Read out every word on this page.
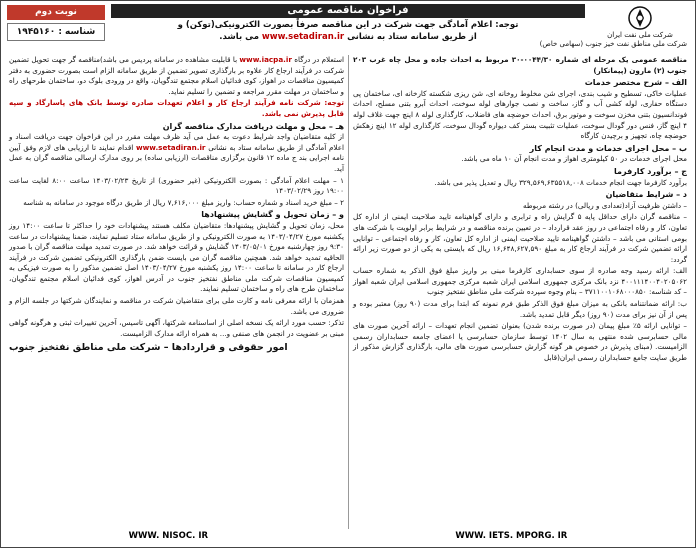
شرکت ملی نفت ایران
شرکت ملی مناطق نفت خیز جنوب (سهامی خاص)
فراخوان مناقصه عمومی
توجه: اعلام آمادگی جهت شرکت در این مناقصه صرفاً بصورت الکترونیکی(توکن) و
از طریق سامانه ستاد به نشانی www.setadiran.ir می باشد.
نوبت دوم
شناسه : ۱۹۴۵۱۶۰
مناقصه عمومی یک مرحله ای شماره ۰۰۴۴/۳۰-۳۰ مربوط به احداث جاده و محل چاه غرب ۲۰۳ جنوب (۲) مارون (پیمانکار)
الف – شرح مختصر خدمات
عملیات خاکی، تسطیح و شیب بندی، اجرای شن مخلوط روخانه ای، شن ریزی شکسته کارخانه ای، ساختمان پی دستگاه حفاری، لوله کشی آب و گاز، ساخت و نصب جوارهای لوله سوخت، احداث آبرو بتنی مسلح، احداث فوندانسیون بتنی مخزن سوخت و موتور برق، احداث حوضچه های فاضلاب، کارگذاری لوله ۸ اینچ جهت غلاف لوله ۴ اینچ گاز، فنس دور گودال سوخت، عملیات تثبیت بستر کف دیواره گودال سوخت، کارگذاری لوله ۱۲ اینچ زهکش حوضچه چاه، تجهیز و برچیدن کارگاه
ب – محل اجرای خدمات و مدت انجام کار
محل اجرای خدمات در ۵۰ کیلومتری اهواز و مدت انجام آن ۱۰ ماه می باشد.
ج – برآورد کارفرما
برآورد کارفرما جهت انجام خدمات ۳۲۹,۵۶۹,۶۳۵۵۱۸,۰۰۸ ریال و تعدیل پذیر می باشد.
د – شرایط متقاضیان
– داشتن ظرفیت آزاد(تعدادی و ریالی) در رشته مربوطه
– مناقصه گران دارای حداقل پایه ۵ گرایش راه و ترابری و دارای گواهینامه تایید صلاحیت ایمنی از اداره کل تعاون، کار و رفاه اجتماعی در روز عقد قرارداد – در تعیین برنده مناقصه و در شرایط برابر اولویت با شرکت های بومی استانی می باشد – داشتن گواهینامه تایید صلاحیت ایمنی از اداره کل تعاون، کار و رفاه اجتماعی – توانایی ارائه تضمین شرکت در فرآیند ارجاع کار به مبلغ ۱۶,۶۴۸,۶۲۷,۵۹۰ ریال که بایستی به یکی از دو صورت زیر ارائه گردد:
الف: ارائه رسید وجه صادره از سوی حسابداری کارفرما مبنی بر واریز مبلغ فوق الذکر به شماره حساب ۴۰۰۱۱۱۴۰۰۴۰۲۰۵۰۶۲ نزد بانک مرکزی جمهوری اسلامی ایران شعبه مرکزی جمهوری اسلامی ایران شعبه اهواز – کد شناسه: ۳۷۱۱۰۰۱۰۶۸۰۰۰۸۵۰ – بنام وجوه سپرده شرکت ملی مناطق نفتخیز جنوب
ب: ارائه ضمانتنامه بانکی به میزان مبلغ فوق الذکر طبق فرم نمونه که ابتدا برای مدت (۹۰ روز) معتبر بوده و پس از آن نیز برای مدت (۹۰ روز) دیگر قابل تمدید باشد.
– توانایی ارائه ۵٪ مبلغ پیمان (در صورت برنده شدن) بعنوان تضمین انجام تعهدات – ارائه آخرین صورت های مالی حسابرسی شده منتهی به سال ۱۴۰۲ توسط سازمان حسابرسی یا اعضای جامعه حسابداران رسمی الزامیست. (مبنای پذیرش در خصوص هر گونه گزارش حسابرسی صورت های مالی، بارگذاری گزارش مذکور از طریق سایت جامع حسابداران رسمی ایران(قابل
استعلام در درگاه www.iacpa.ir با قابلیت مشاهده در سامانه پردیس می باشد)مناقصه گر جهت تحویل تضمین شرکت در فرآیند ارجاع کار علاوه بر بارگذاری تصویر تضمین از طریق سامانه الزام است بصورت حضوری به دفتر کمیسیون مناقصات در اهواز، کوی فدائیان اسلام مجتمع تندگویان، واقع در ورودی بلوک دو، ساختمان طرحهای راه و ساختمان در مهلت مقرر مراجعه و تضمین را تسلیم نماید.
توجه: شرکت نامه فرآیند ارجاع کار و اعلام تعهدات صادره توسط بانک های پاسارگاد و سپه قابل پذیرش نمی باشد.
هـ – محل و مهلت دریافت مدارک مناقصه گران
از کلیه متقاضیان واجد شرایط دعوت به عمل می آید ظرف مهلت مقرر در این فراخوان جهت دریافت اسناد و اعلام آمادگی از طریق سامانه ستاد به نشانی www.setadiran.ir اقدام نمایند تا ارزیابی های لازم وفق آیین نامه اجرایی بند ج ماده ۱۲ قانون برگزاری مناقصات (ارزیابی ساده) بر روی مدارک ارسالی مناقصه گران به عمل آید.
۱ – مهلت اعلام آمادگی : بصورت الکترونیکی (غیر حضوری) از تاریخ ۱۴۰۳/۰۲/۲۳ ساعت ۸:۰۰ لغایت ساعت ۱۹:۰۰ روز ۱۴۰۳/۰۲/۲۹
۲ – مبلغ خرید اسناد و شماره حساب: واریز مبلغ ۷,۶۱۶,۰۰۰ ریال از طریق درگاه موجود در سامانه به شناسه
و – زمان تحویل و گشایش پیشنهادها
محل، زمان تحویل و گشایش پیشنهادها: متقاضیان مکلف هستند پیشنهادات خود را حداکثر تا ساعت ۱۴:۰۰ روز یکشنبه مورخ ۱۴۰۳/۰۴/۲۷ به صورت الکترونیکی و از طریق سامانه ستاد تسلیم نمایند، ضمنا پیشنهادات در ساعت ۹:۳۰ روز چهارشنبه مورخ ۱۴۰۳/۰۵/۰۱ گشایش و قرائت خواهد شد. در صورت تمدید مهلت مناقصه گران با صدور الحاقیه تمدید خواهد شد. همچنین مناقصه گران می بایست ضمن بارگذاری الکترونیکی تضمین شرکت در فرآیند ارجاع کار در سامانه تا ساعت ۱۴:۰۰ روز یکشنبه مورخ ۱۴۰۳/۰۴/۲۷ اصل تضمین مذکور را به صورت فیزیکی به کمیسیون مناقصات شرکت ملی مناطق نفتخیز جنوب در آدرس اهواز، کوی فدائیان اسلام مجتمع تندگویان، ساختمان طرح های راه و ساختمان تسلیم نمایند.
همزمان با ارائه معرفی نامه و کارت ملی برای متقاضیان شرکت در مناقصه و نمایندگان شرکتها در جلسه الزام و ضروری می باشد.
تذکر: حسب مورد ارائه یک نسخه اصلی از اساسنامه شرکتها، آگهی تاسیس، آخرین تغییرات ثبتی و هرگونه گواهی مبنی بر عضویت در انجمن های صنفی و... به همراه ارائه مدارک الزامیست.
امور حقوقی و قراردادها – شرکت ملی مناطق نفتخیز جنوب
WWW. NISOC. IR	WWW. IETS. MPORG. IR
